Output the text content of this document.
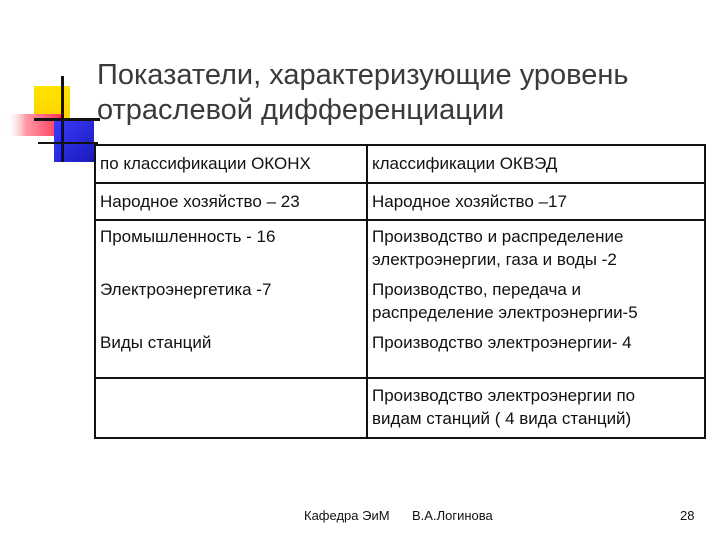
Показатели, характеризующие уровень
отраслевой дифференциации
по классификации ОКОНХ	классификации ОКВЭД
Народное хозяйство – 23	Народное хозяйство –17

Промышленность - 16	Производство и распределение
электроэнергии, газа и воды -2

Электроэнергетика -7	Производство, передача и
распределение электроэнергии-5

Виды станций	Производство электроэнергии- 4

	Производство электроэнергии по
видам станций ( 4 вида станций)
Кафедра ЭиМ В.А.Логинова	28
